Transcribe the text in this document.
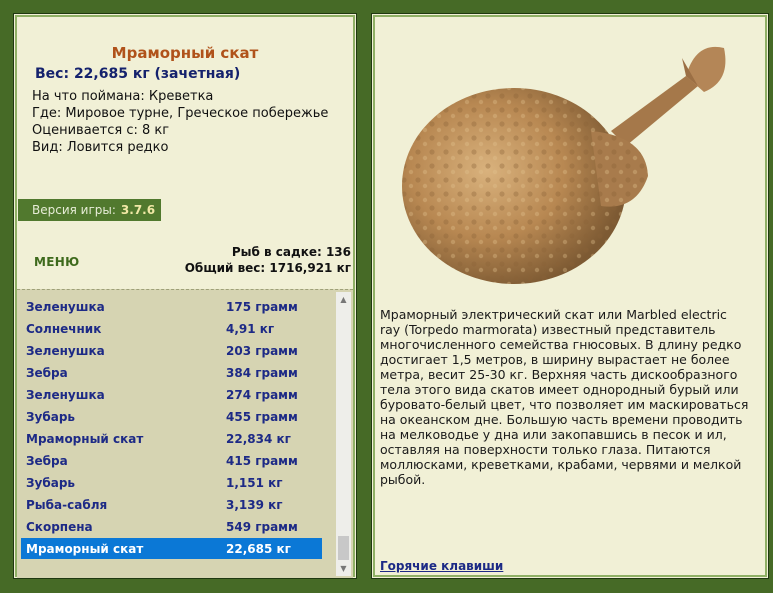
Мраморный скат
Вес: 22,685 кг (зачетная)
На что поймана: Креветка
Где: Мировое турне, Греческое побережье
Оценивается с: 8 кг
Вид: Ловится редко
Версия игры: 3.7.6
МЕНЮ
Рыб в садке: 136
Общий вес: 1716,921 кг
Зеленушка	175 грамм
Солнечник	4,91 кг
Зеленушка	203 грамм
Зебра	384 грамм
Зеленушка	274 грамм
Зубарь	455 грамм
Мраморный скат	22,834 кг
Зебра	415 грамм
Зубарь	1,151 кг
Рыба-сабля	3,139 кг
Скорпена	549 грамм
Мраморный скат	22,685 кг
▲
▼
Мраморный электрический скат или Marbled electric ray (Torpedo marmorata) известный представитель многочисленного семейства гнюсовых. В длину редко достигает 1,5 метров, в ширину вырастает не более метра, весит 25-30 кг. Верхняя часть дискообразного тела этого вида скатов имеет однородный бурый или буровато-белый цвет, что позволяет им маскироваться на океанском дне. Большую часть времени проводить на мелководье у дна или закопавшись в песок и ил, оставляя на поверхности только глаза. Питаются моллюсками, креветками, крабами, червями и мелкой рыбой.
Горячие клавиши
